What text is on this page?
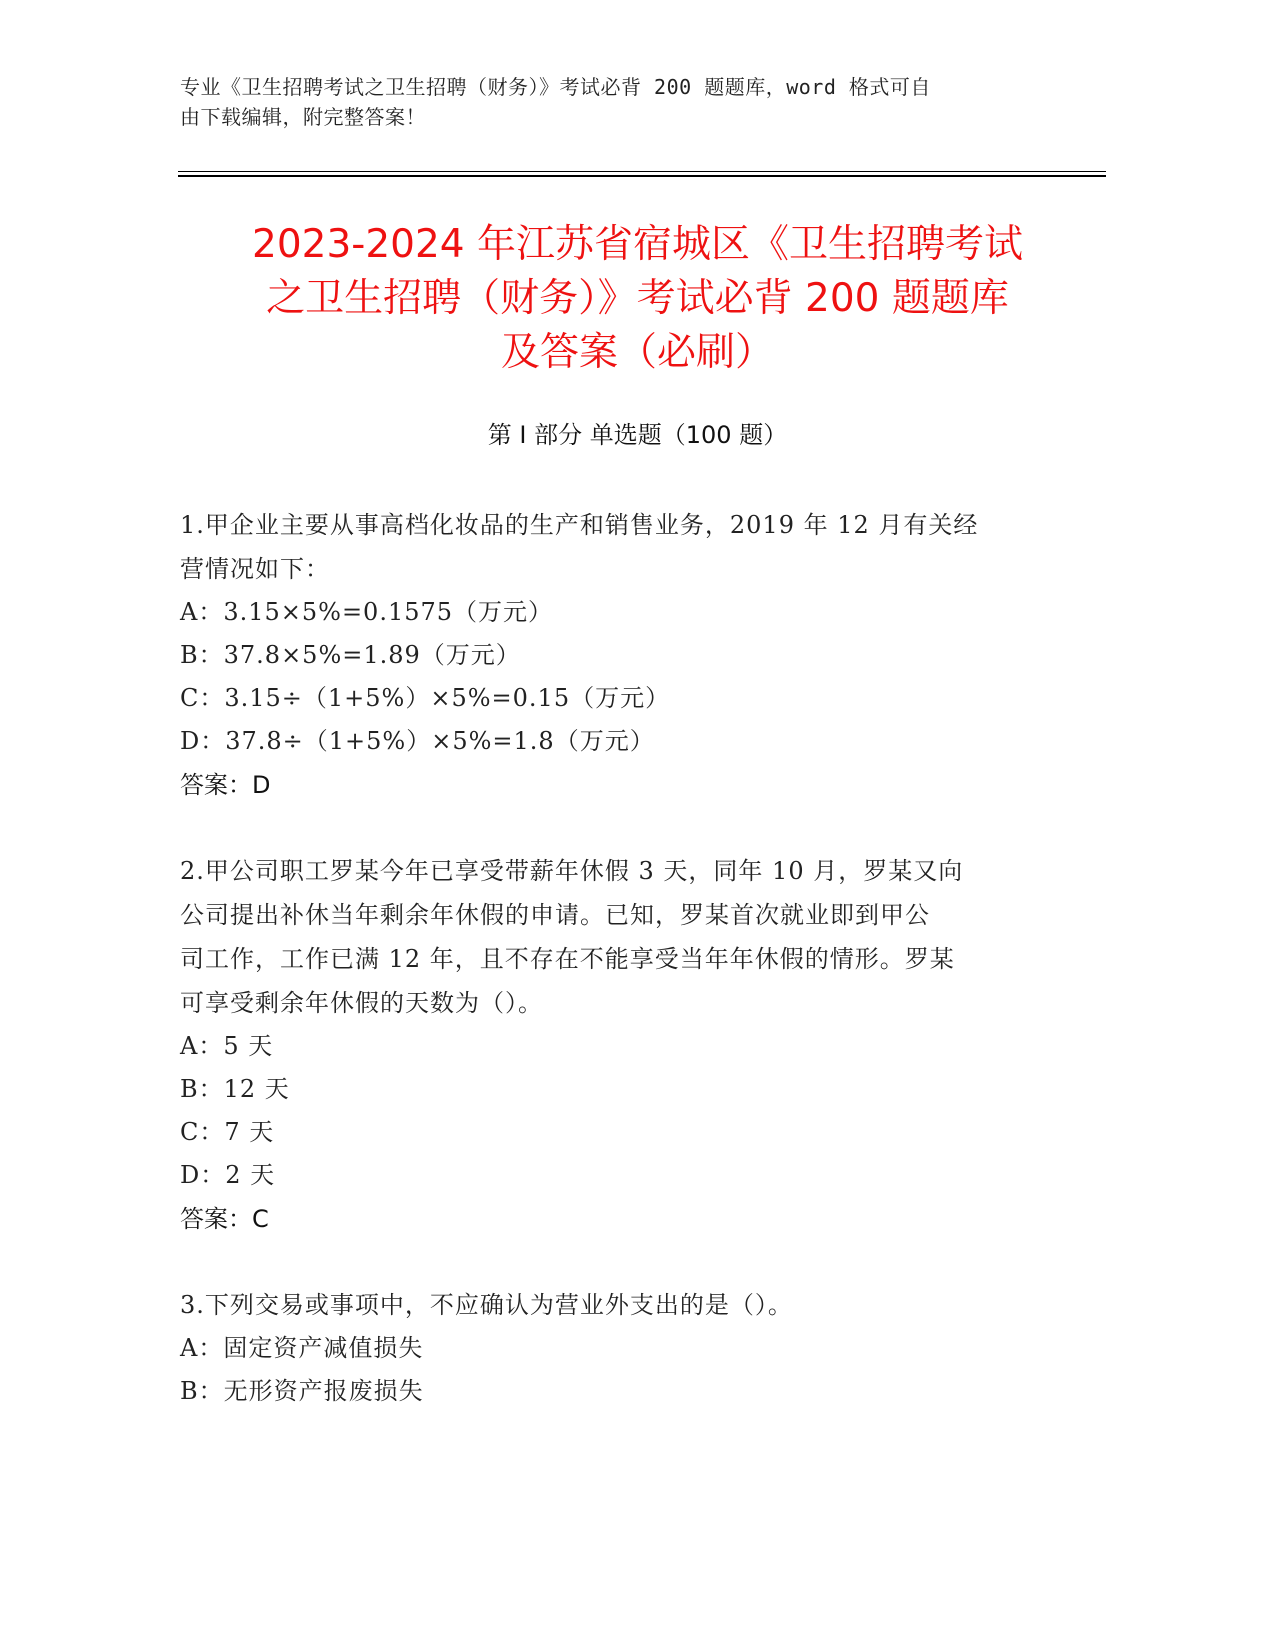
专业《卫生招聘考试之卫生招聘（财务）》考试必背 200 题题库，word 格式可自
由下载编辑，附完整答案！
2023-2024 年江苏省宿城区《卫生招聘考试
之卫生招聘（财务）》考试必背 200 题题库
及答案（必刷）
第 I 部分 单选题（100 题）

1.甲企业主要从事高档化妆品的生产和销售业务，2019 年 12 月有关经

营情况如下：

A：3.15×5%=0.1575（万元）

B：37.8×5%=1.89（万元）

C：3.15÷（1+5%）×5%=0.15（万元）

D：37.8÷（1+5%）×5%=1.8（万元）

答案：D

2.甲公司职工罗某今年已享受带薪年休假 3 天，同年 10 月，罗某又向

公司提出补休当年剩余年休假的申请。已知，罗某首次就业即到甲公

司工作，工作已满 12 年，且不存在不能享受当年年休假的情形。罗某

可享受剩余年休假的天数为（）。

A：5 天

B：12 天

C：7 天

D：2 天

答案：C

3.下列交易或事项中，不应确认为营业外支出的是（）。

A：固定资产减值损失

B：无形资产报废损失
